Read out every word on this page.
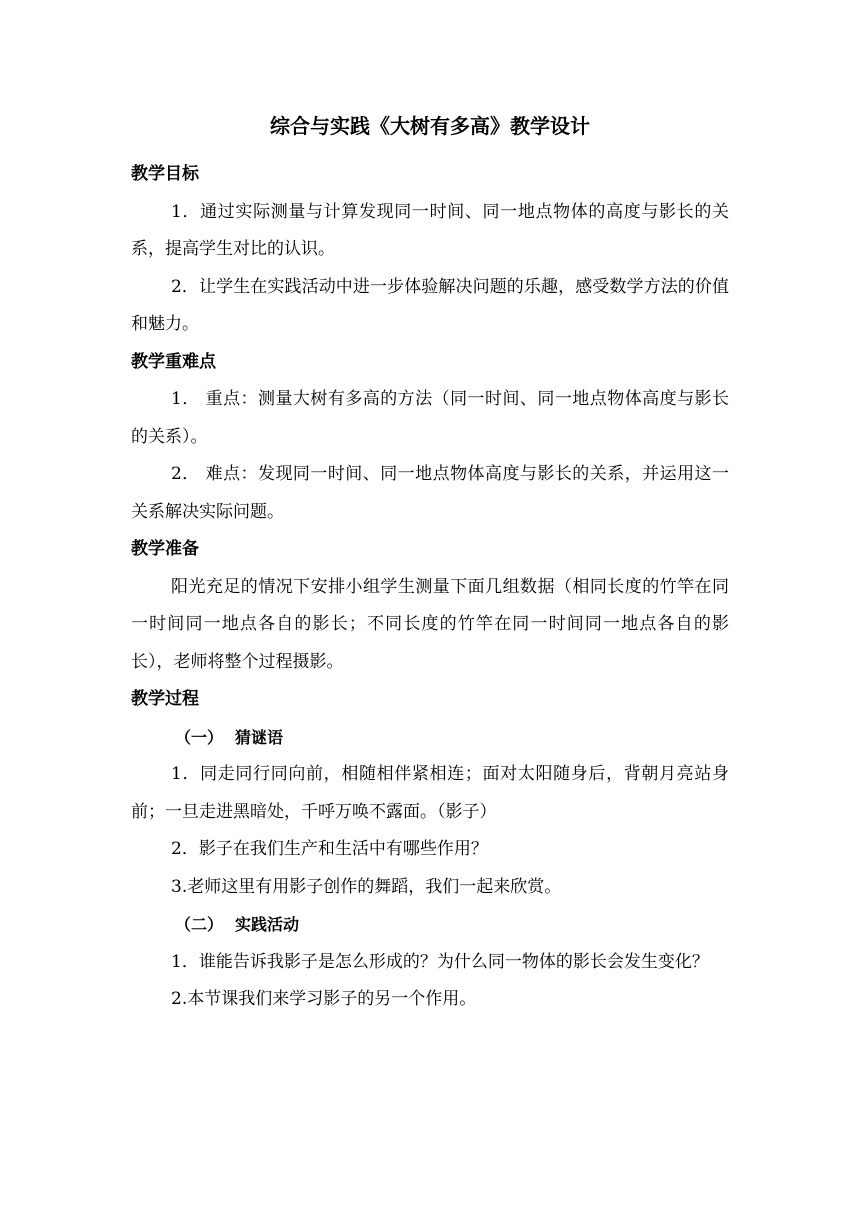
综合与实践《大树有多高》教学设计
教学目标

1．通过实际测量与计算发现同一时间、同一地点物体的高度与影长的关系，提高学生对比的认识。

2．让学生在实践活动中进一步体验解决问题的乐趣，感受数学方法的价值和魅力。

教学重难点

1． 重点：测量大树有多高的方法（同一时间、同一地点物体高度与影长的关系）。

2． 难点：发现同一时间、同一地点物体高度与影长的关系，并运用这一关系解决实际问题。

教学准备

阳光充足的情况下安排小组学生测量下面几组数据（相同长度的竹竿在同一时间同一地点各自的影长；不同长度的竹竿在同一时间同一地点各自的影长），老师将整个过程摄影。

教学过程
（一） 猜谜语

1．同走同行同向前，相随相伴紧相连；面对太阳随身后，背朝月亮站身前；一旦走进黑暗处，千呼万唤不露面。（影子）

2．影子在我们生产和生活中有哪些作用？

3.老师这里有用影子创作的舞蹈，我们一起来欣赏。

（二） 实践活动

1．谁能告诉我影子是怎么形成的？为什么同一物体的影长会发生变化？

2.本节课我们来学习影子的另一个作用。
